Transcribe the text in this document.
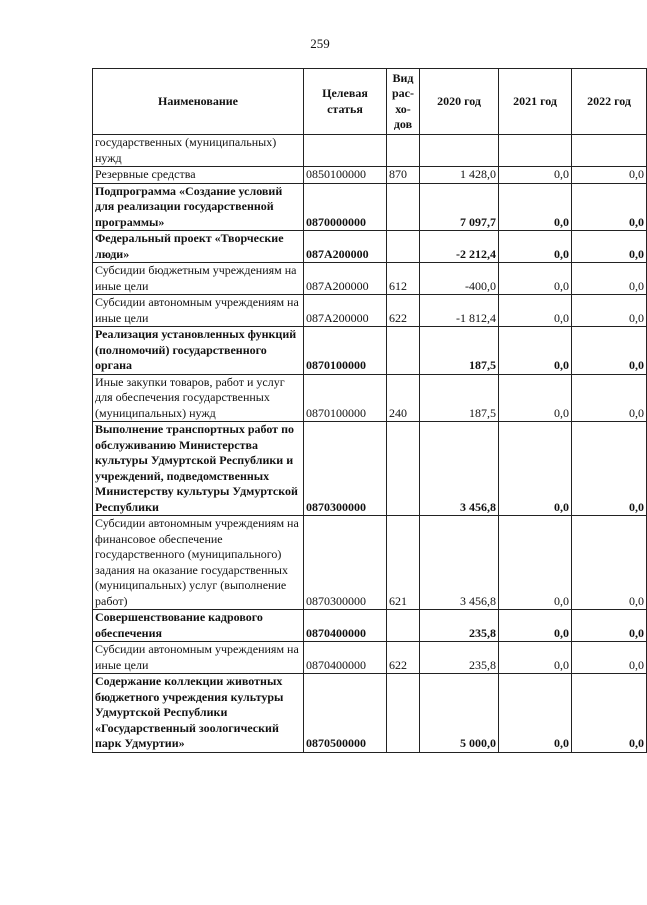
259
Наименование	Целевая статья	Вид рас-хо-дов	2020 год	2021 год	2022 год
государственных (муниципальных) нужд					
Резервные средства	0850100000	870	1 428,0	0,0	0,0
Подпрограмма «Создание условий для реализации государственной программы»	0870000000		7 097,7	0,0	0,0
Федеральный проект «Творческие люди»	087A200000		-2 212,4	0,0	0,0
Субсидии бюджетным учреждениям на иные цели	087A200000	612	-400,0	0,0	0,0
Субсидии автономным учреждениям на иные цели	087A200000	622	-1 812,4	0,0	0,0
Реализация установленных функций (полномочий) государственного органа	0870100000		187,5	0,0	0,0
Иные закупки товаров, работ и услуг для обеспечения государственных (муниципальных) нужд	0870100000	240	187,5	0,0	0,0
Выполнение транспортных работ по обслуживанию Министерства культуры Удмуртской Республики и учреждений, подведомственных Министерству культуры Удмуртской Республики	0870300000		3 456,8	0,0	0,0
Субсидии автономным учреждениям на финансовое обеспечение государственного (муниципального) задания на оказание государственных (муниципальных) услуг (выполнение работ)	0870300000	621	3 456,8	0,0	0,0
Совершенствование кадрового обеспечения	0870400000		235,8	0,0	0,0
Субсидии автономным учреждениям на иные цели	0870400000	622	235,8	0,0	0,0
Содержание коллекции животных бюджетного учреждения культуры Удмуртской Республики «Государственный зоологический парк Удмуртии»	0870500000		5 000,0	0,0	0,0
